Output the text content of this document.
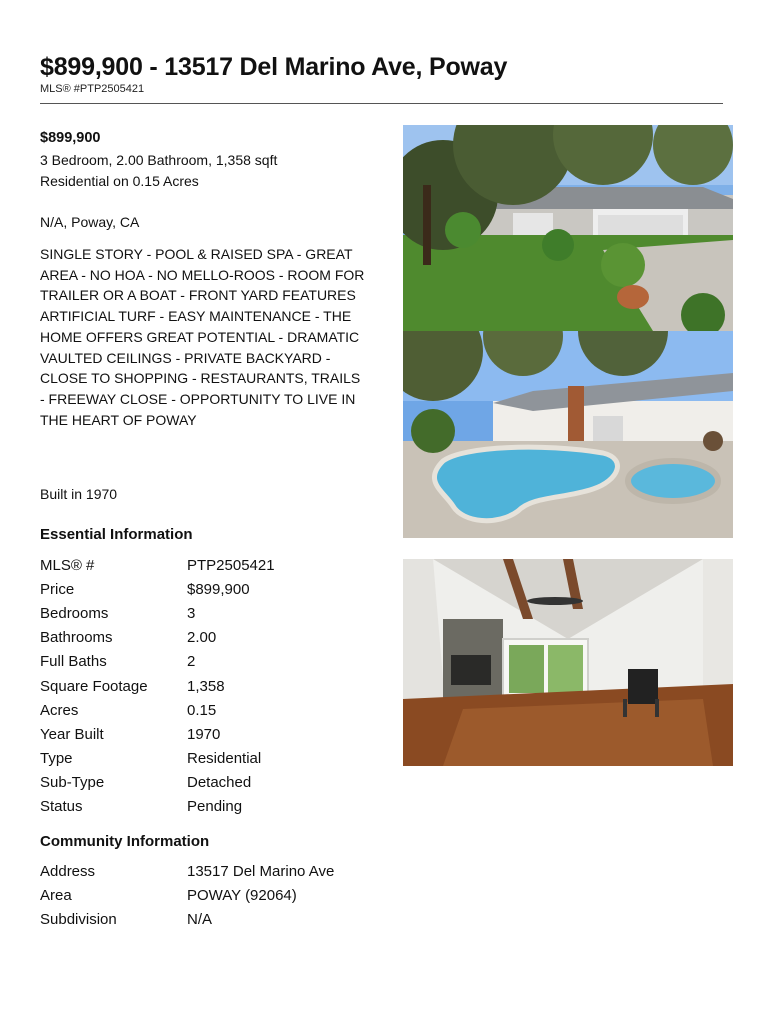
$899,900 - 13517 Del Marino Ave, Poway
MLS® #PTP2505421

$899,900

3 Bedroom, 2.00 Bathroom, 1,358 sqft

Residential on 0.15 Acres

N/A, Poway, CA

SINGLE STORY - POOL & RAISED SPA - GREAT AREA - NO HOA - NO MELLO-ROOS - ROOM FOR TRAILER OR A BOAT - FRONT YARD FEATURES ARTIFICIAL TURF - EASY MAINTENANCE - THE HOME OFFERS GREAT POTENTIAL - DRAMATIC VAULTED CEILINGS - PRIVATE BACKYARD - CLOSE TO SHOPPING - RESTAURANTS, TRAILS - FREEWAY CLOSE - OPPORTUNITY TO LIVE IN THE HEART OF POWAY

Built in 1970
Essential Information
MLS® #	PTP2505421
Price	$899,900
Bedrooms	3
Bathrooms	2.00
Full Baths	2
Square Footage	1,358
Acres	0.15
Year Built	1970
Type	Residential
Sub-Type	Detached
Status	Pending
Community Information
Address	13517 Del Marino Ave
Area	POWAY (92064)
Subdivision	N/A
